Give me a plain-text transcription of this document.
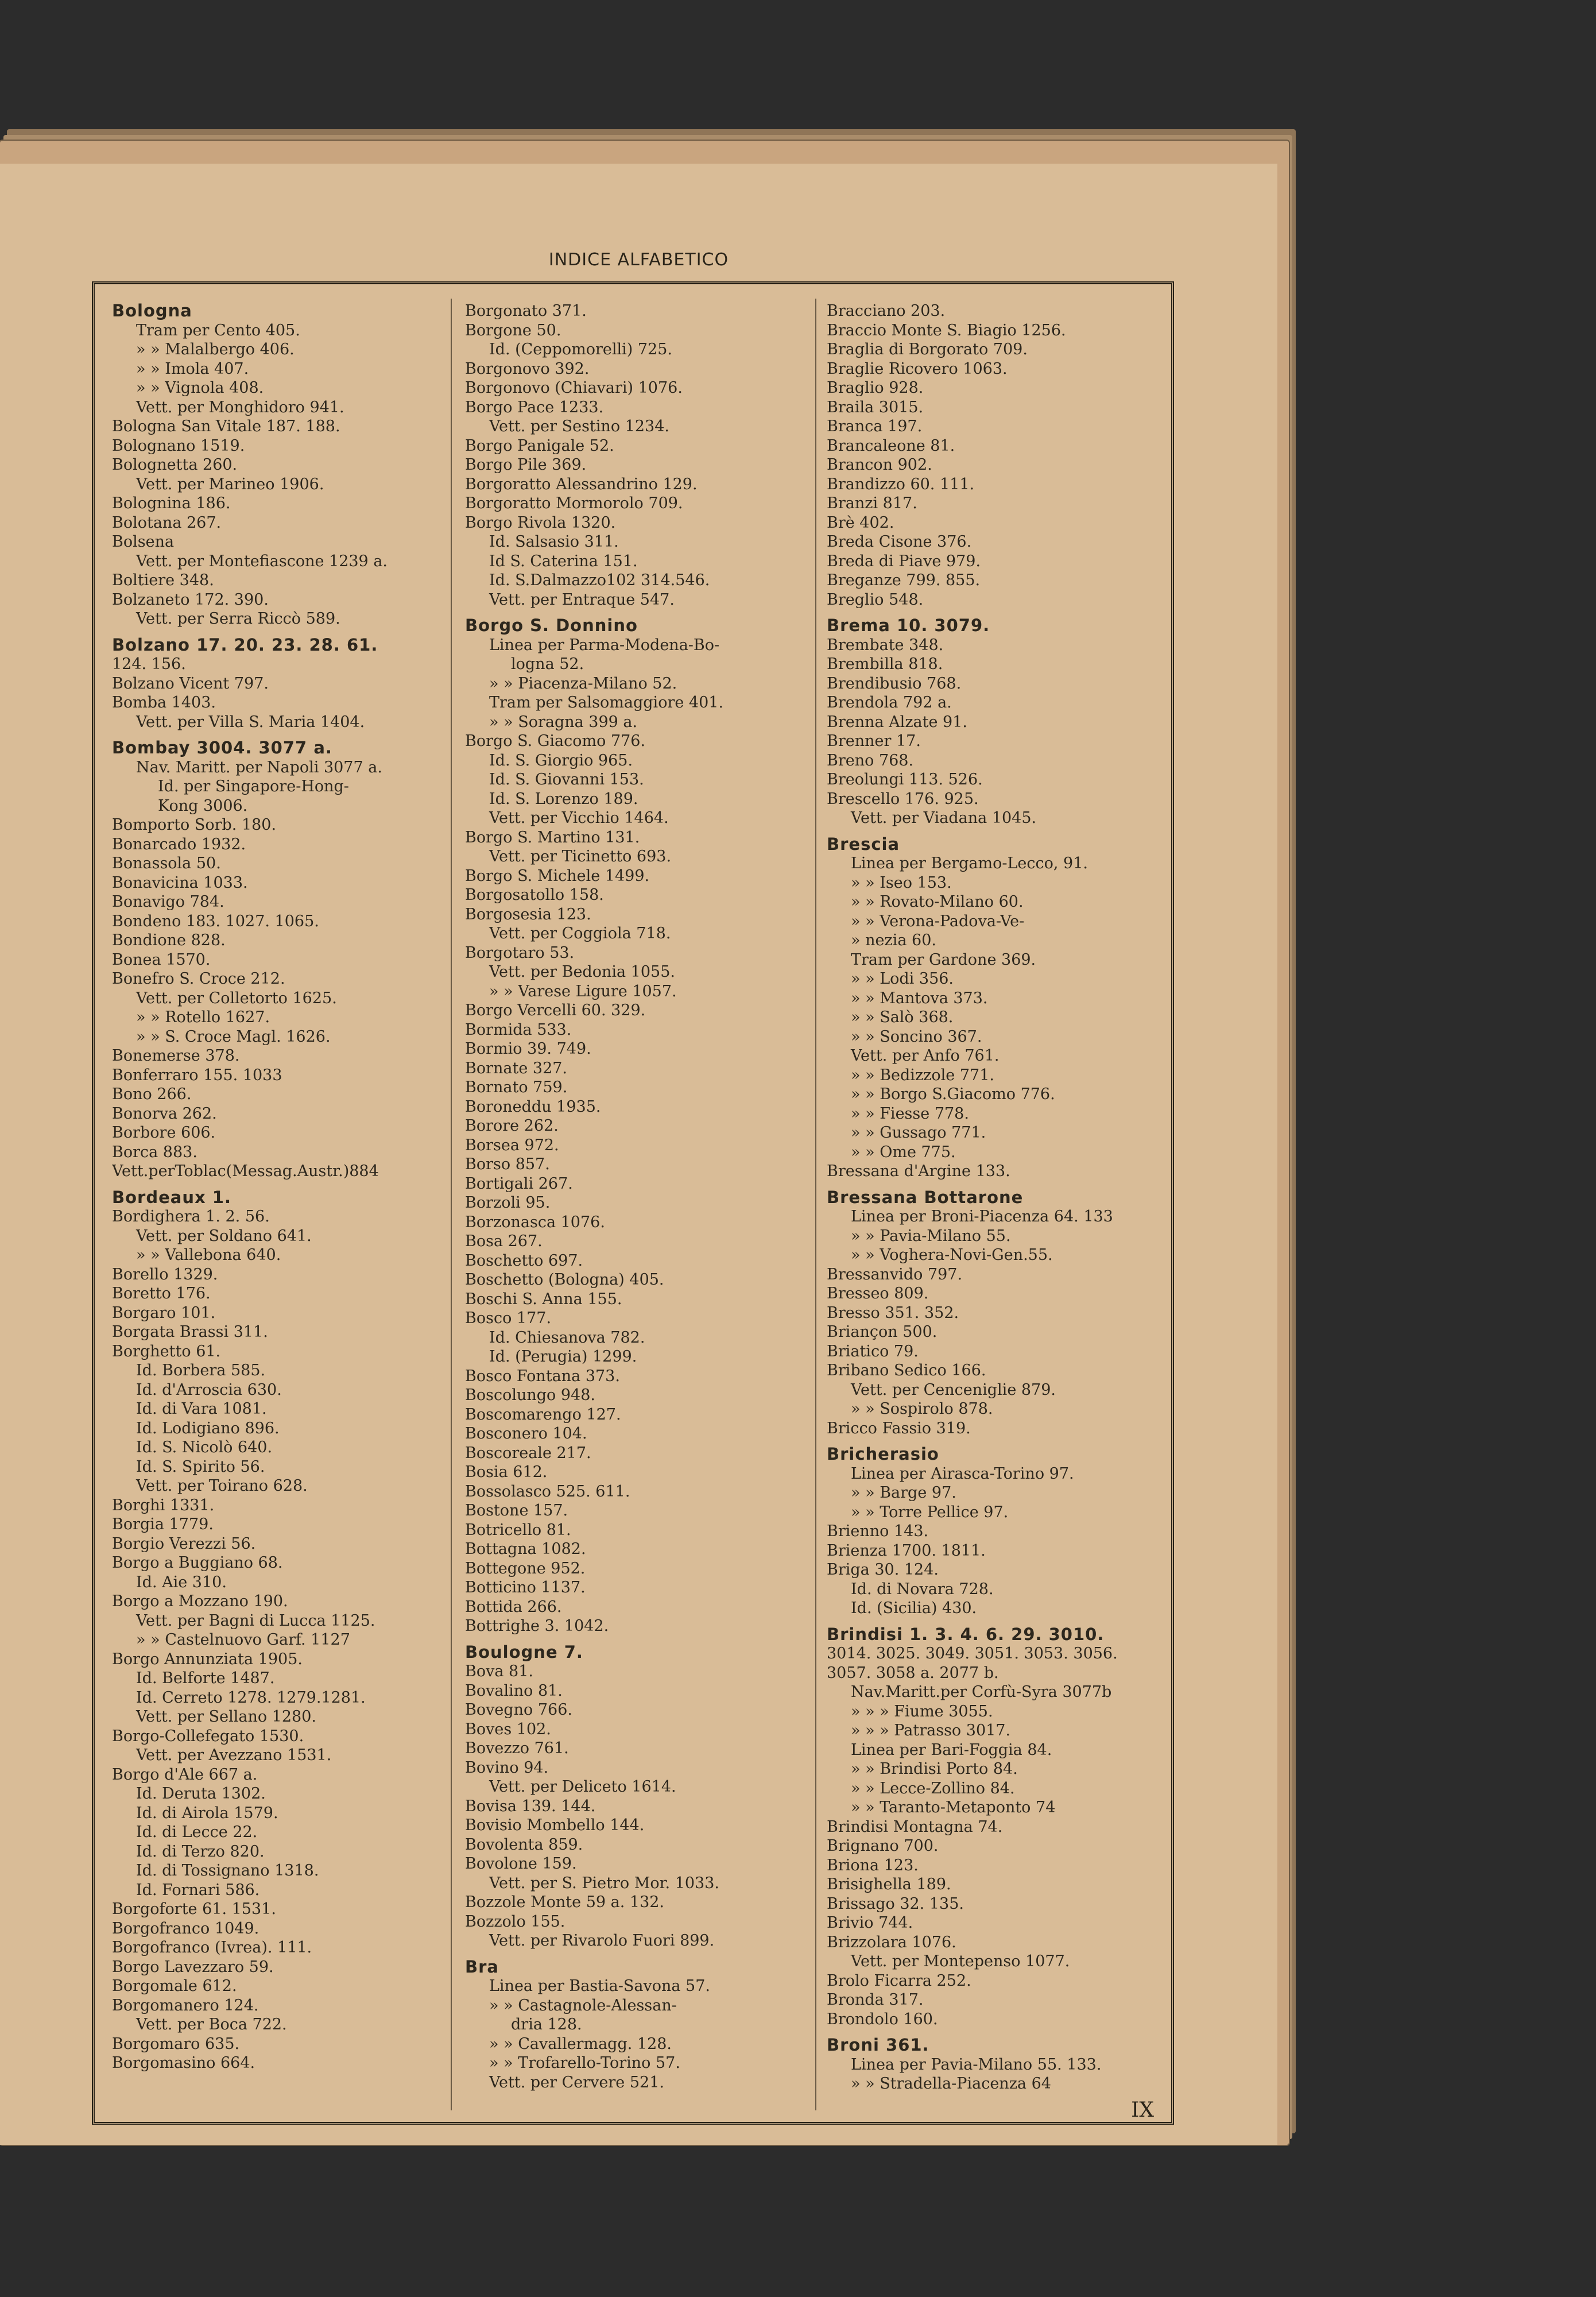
INDICE ALFABETICO
Bologna
Tram per Cento 405.
» » Malalbergo 406.
» » Imola 407.
» » Vignola 408.
Vett. per Monghidoro 941.
Bologna San Vitale 187. 188.
Bolognano 1519.
Bolognetta 260.
Vett. per Marineo 1906.
Bolognina 186.
Bolotana 267.
Bolsena
Vett. per Montefiascone 1239 a.
Boltiere 348.
Bolzaneto 172. 390.
Vett. per Serra Riccò 589.
Bolzano 17. 20. 23. 28. 61.
124. 156.
Bolzano Vicent 797.
Bomba 1403.
Vett. per Villa S. Maria 1404.
Bombay 3004. 3077 a.
Nav. Maritt. per Napoli 3077 a.
Id. per Singapore-Hong-
Kong 3006.
Bomporto Sorb. 180.
Bonarcado 1932.
Bonassola 50.
Bonavicina 1033.
Bonavigo 784.
Bondeno 183. 1027. 1065.
Bondione 828.
Bonea 1570.
Bonefro S. Croce 212.
Vett. per Colletorto 1625.
» » Rotello 1627.
» » S. Croce Magl. 1626.
Bonemerse 378.
Bonferraro 155. 1033
Bono 266.
Bonorva 262.
Borbore 606.
Borca 883.
Vett.perToblac(Messag.Austr.)884
Bordeaux 1.
Bordighera 1. 2. 56.
Vett. per Soldano 641.
» » Vallebona 640.
Borello 1329.
Boretto 176.
Borgaro 101.
Borgata Brassi 311.
Borghetto 61.
Id. Borbera 585.
Id. d'Arroscia 630.
Id. di Vara 1081.
Id. Lodigiano 896.
Id. S. Nicolò 640.
Id. S. Spirito 56.
Vett. per Toirano 628.
Borghi 1331.
Borgia 1779.
Borgio Verezzi 56.
Borgo a Buggiano 68.
Id. Aie 310.
Borgo a Mozzano 190.
Vett. per Bagni di Lucca 1125.
» » Castelnuovo Garf. 1127
Borgo Annunziata 1905.
Id. Belforte 1487.
Id. Cerreto 1278. 1279.1281.
Vett. per Sellano 1280.
Borgo-Collefegato 1530.
Vett. per Avezzano 1531.
Borgo d'Ale 667 a.
Id. Deruta 1302.
Id. di Airola 1579.
Id. di Lecce 22.
Id. di Terzo 820.
Id. di Tossignano 1318.
Id. Fornari 586.
Borgoforte 61. 1531.
Borgofranco 1049.
Borgofranco (Ivrea). 111.
Borgo Lavezzaro 59.
Borgomale 612.
Borgomanero 124.
Vett. per Boca 722.
Borgomaro 635.
Borgomasino 664.
Borgonato 371.
Borgone 50.
Id. (Ceppomorelli) 725.
Borgonovo 392.
Borgonovo (Chiavari) 1076.
Borgo Pace 1233.
Vett. per Sestino 1234.
Borgo Panigale 52.
Borgo Pile 369.
Borgoratto Alessandrino 129.
Borgoratto Mormorolo 709.
Borgo Rivola 1320.
Id. Salsasio 311.
Id S. Caterina 151.
Id. S.Dalmazzo102 314.546.
Vett. per Entraque 547.
Borgo S. Donnino
Linea per Parma-Modena-Bo-
logna 52.
» » Piacenza-Milano 52.
Tram per Salsomaggiore 401.
» » Soragna 399 a.
Borgo S. Giacomo 776.
Id. S. Giorgio 965.
Id. S. Giovanni 153.
Id. S. Lorenzo 189.
Vett. per Vicchio 1464.
Borgo S. Martino 131.
Vett. per Ticinetto 693.
Borgo S. Michele 1499.
Borgosatollo 158.
Borgosesia 123.
Vett. per Coggiola 718.
Borgotaro 53.
Vett. per Bedonia 1055.
» » Varese Ligure 1057.
Borgo Vercelli 60. 329.
Bormida 533.
Bormio 39. 749.
Bornate 327.
Bornato 759.
Boroneddu 1935.
Borore 262.
Borsea 972.
Borso 857.
Bortigali 267.
Borzoli 95.
Borzonasca 1076.
Bosa 267.
Boschetto 697.
Boschetto (Bologna) 405.
Boschi S. Anna 155.
Bosco 177.
Id. Chiesanova 782.
Id. (Perugia) 1299.
Bosco Fontana 373.
Boscolungo 948.
Boscomarengo 127.
Bosconero 104.
Boscoreale 217.
Bosia 612.
Bossolasco 525. 611.
Bostone 157.
Botricello 81.
Bottagna 1082.
Bottegone 952.
Botticino 1137.
Bottida 266.
Bottrighe 3. 1042.
Boulogne 7.
Bova 81.
Bovalino 81.
Bovegno 766.
Boves 102.
Bovezzo 761.
Bovino 94.
Vett. per Deliceto 1614.
Bovisa 139. 144.
Bovisio Mombello 144.
Bovolenta 859.
Bovolone 159.
Vett. per S. Pietro Mor. 1033.
Bozzole Monte 59 a. 132.
Bozzolo 155.
Vett. per Rivarolo Fuori 899.
Bra
Linea per Bastia-Savona 57.
» » Castagnole-Alessan-
dria 128.
» » Cavallermagg. 128.
» » Trofarello-Torino 57.
Vett. per Cervere 521.
Bracciano 203.
Braccio Monte S. Biagio 1256.
Braglia di Borgorato 709.
Braglie Ricovero 1063.
Braglio 928.
Braila 3015.
Branca 197.
Brancaleone 81.
Brancon 902.
Brandizzo 60. 111.
Branzi 817.
Brè 402.
Breda Cisone 376.
Breda di Piave 979.
Breganze 799. 855.
Breglio 548.
Brema 10. 3079.
Brembate 348.
Brembilla 818.
Brendibusio 768.
Brendola 792 a.
Brenna Alzate 91.
Brenner 17.
Breno 768.
Breolungi 113. 526.
Brescello 176. 925.
Vett. per Viadana 1045.
Brescia
Linea per Bergamo-Lecco, 91.
» » Iseo 153.
» » Rovato-Milano 60.
» » Verona-Padova-Ve-
» nezia 60.
Tram per Gardone 369.
» » Lodi 356.
» » Mantova 373.
» » Salò 368.
» » Soncino 367.
Vett. per Anfo 761.
» » Bedizzole 771.
» » Borgo S.Giacomo 776.
» » Fiesse 778.
» » Gussago 771.
» » Ome 775.
Bressana d'Argine 133.
Bressana Bottarone
Linea per Broni-Piacenza 64. 133
» » Pavia-Milano 55.
» » Voghera-Novi-Gen.55.
Bressanvido 797.
Bresseo 809.
Bresso 351. 352.
Briançon 500.
Briatico 79.
Bribano Sedico 166.
Vett. per Cenceniglie 879.
» » Sospirolo 878.
Bricco Fassio 319.
Bricherasio
Linea per Airasca-Torino 97.
» » Barge 97.
» » Torre Pellice 97.
Brienno 143.
Brienza 1700. 1811.
Briga 30. 124.
Id. di Novara 728.
Id. (Sicilia) 430.
Brindisi 1. 3. 4. 6. 29. 3010.
3014. 3025. 3049. 3051. 3053. 3056.
3057. 3058 a. 2077 b.
Nav.Maritt.per Corfù-Syra 3077b
» » » Fiume 3055.
» » » Patrasso 3017.
Linea per Bari-Foggia 84.
» » Brindisi Porto 84.
» » Lecce-Zollino 84.
» » Taranto-Metaponto 74
Brindisi Montagna 74.
Brignano 700.
Briona 123.
Brisighella 189.
Brissago 32. 135.
Brivio 744.
Brizzolara 1076.
Vett. per Montepenso 1077.
Brolo Ficarra 252.
Bronda 317.
Brondolo 160.
Broni 361.
Linea per Pavia-Milano 55. 133.
» » Stradella-Piacenza 64
IX
